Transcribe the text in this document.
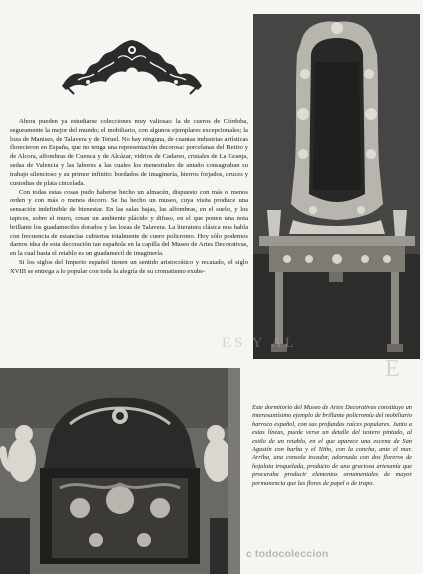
Ahora pueden ya estudiarse colecciones muy valiosas: la de cueros de Córdoba, seguramente la mejor del mundo; el mobiliario, con algunos ejemplares excepcionales; la loza de Manises, de Talavera y de Teruel. No hay ninguna, de cuantas industrias artísticas florecieron en España, que no tenga una representación decorosa: porcelanas del Retiro y de Alcora, alfombras de Cuenca y de Alcázar, vidrios de Cadarso, cristales de La Granja, sedas de Valencia y las labores a las cuales los menestrales de antaño consagraban su trabajo silencioso y su primor infinito: bordados de imaginería, hierros forjados, cruces y custodias de plata cincelada.

Con todas estas cosas pudo haberse hecho un almacén, dispuesto con más o menos orden y con más o menos decoro. Se ha hecho un museo, cuya visita produce una sensación indefinible de bienestar. En las salas bajas, las alfombras, en el suelo, y los tapices, sobre el muro, crean un ambiente plácido y difuso, en el que ponen una nota brillante los guadameciles dorados y las lozas de Talavera. La literatura clásica nos habla con frecuencia de estancias cubiertas totalmente de cuero policromo. Hoy sólo podemos darnos idea de esta decoración tan española en la capilla del Museo de Artes Decorativas, en la cual hasta el retablo es un guadamecil de imaginería.

Si los siglos del Imperio español tienen un sentido aristocrático y recatado, el siglo XVIII se entrega a lo popular con toda la alegría de su cromatismo exube-

ES Y AL
E

Este dormitorio del Museo de Artes Decorativas constituye un interesantísimo ejemplo de brillante policromía del mobiliario barroco español, con sus profundas raíces populares. Junto a estas líneas, puede verse un detalle del testero pintado, al estilo de un retablo, en el que aparece una escena de San Agustín con barba y el Niño, con la concha, ante el mar. Arriba, una consola tocador, adornada con dos floreros de hojalata troquelada, producto de una graciosa artesanía que procuraba producir elementos ornamentales de mayor permanencia que las flores de papel o de trapo.

c todocoleccion
